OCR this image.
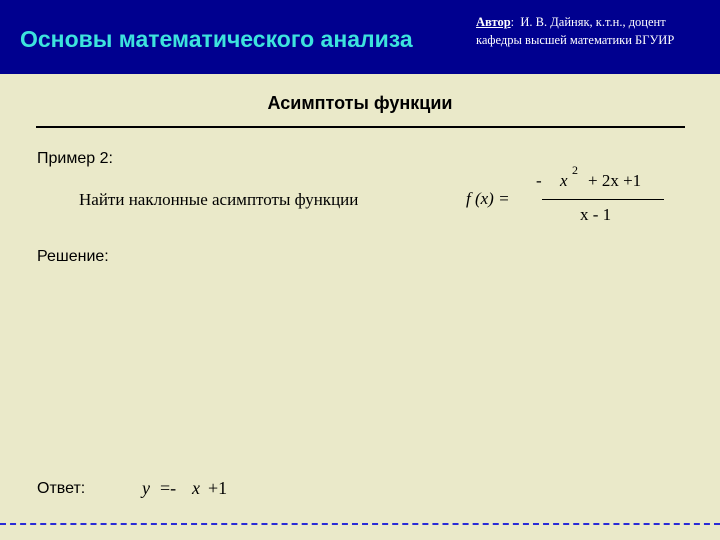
Основы математического анализа
Автор: И. В. Дайняк, к.т.н., доцент
кафедры высшей математики БГУИР
Асимптоты функции
Пример 2:
Найти наклонные асимптоты функции	f (x) =
- x
2
+ 2x +1
x - 1
Решение:
Ответ:	y =- x +1
